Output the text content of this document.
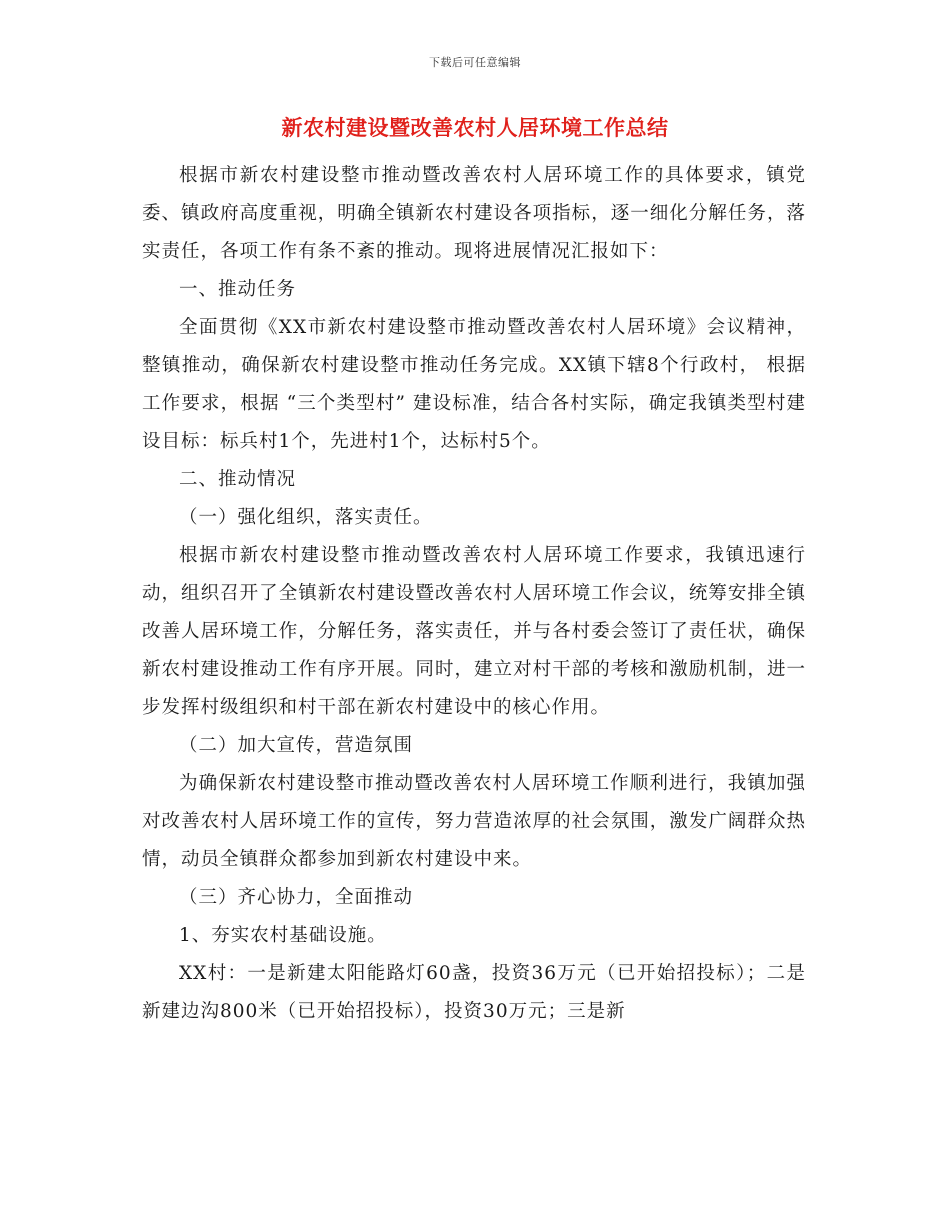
下载后可任意编辑
新农村建设暨改善农村人居环境工作总结

根据市新农村建设整市推动暨改善农村人居环境工作的具体要求，镇党委、镇政府高度重视，明确全镇新农村建设各项指标，逐一细化分解任务，落实责任，各项工作有条不紊的推动。现将进展情况汇报如下：

一、推动任务

全面贯彻《XX市新农村建设整市推动暨改善农村人居环境》会议精神，整镇推动，确保新农村建设整市推动任务完成。XX镇下辖8个行政村， 根据工作要求，根据 “三个类型村” 建设标准，结合各村实际，确定我镇类型村建设目标：标兵村1个，先进村1个，达标村5个。

二、推动情况

（一）强化组织，落实责任。

根据市新农村建设整市推动暨改善农村人居环境工作要求，我镇迅速行动，组织召开了全镇新农村建设暨改善农村人居环境工作会议，统筹安排全镇改善人居环境工作，分解任务，落实责任，并与各村委会签订了责任状，确保新农村建设推动工作有序开展。同时，建立对村干部的考核和激励机制，进一步发挥村级组织和村干部在新农村建设中的核心作用。

（二）加大宣传，营造氛围

为确保新农村建设整市推动暨改善农村人居环境工作顺利进行，我镇加强对改善农村人居环境工作的宣传，努力营造浓厚的社会氛围，激发广阔群众热情，动员全镇群众都参加到新农村建设中来。

（三）齐心协力，全面推动

1、夯实农村基础设施。

XX村：一是新建太阳能路灯60盏，投资36万元（已开始招投标）；二是新建边沟800米（已开始招投标），投资30万元；三是新
